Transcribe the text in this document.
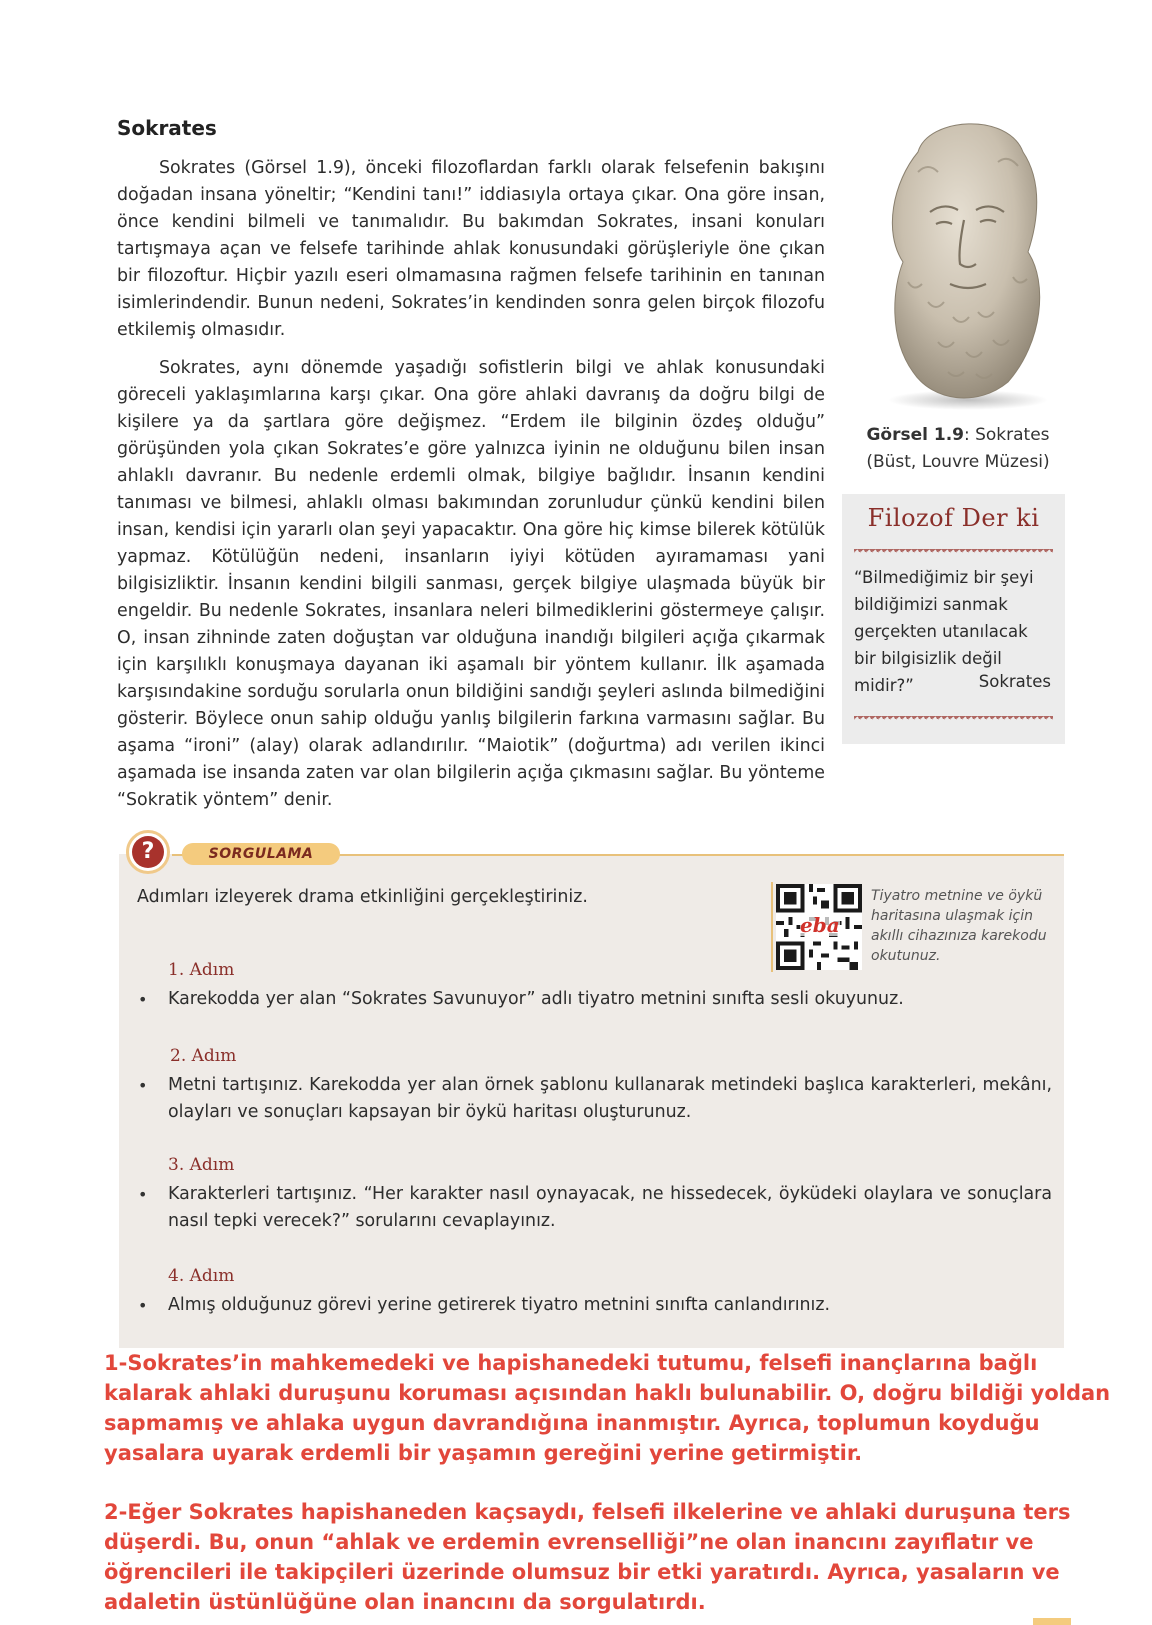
Sokrates

Sokrates (Görsel 1.9), önceki filozoflardan farklı olarak felsefenin bakışını doğadan insana yöneltir; “Kendini tanı!” iddiasıyla ortaya çıkar. Ona göre insan, önce kendini bilmeli ve tanımalıdır. Bu bakımdan Sokrates, insani konuları tartışmaya açan ve felsefe tarihinde ahlak konusundaki görüşleriyle öne çıkan bir filozoftur. Hiçbir yazılı eseri olmamasına rağmen felsefe tarihinin en tanınan isimlerindendir. Bunun nedeni, Sokrates’in kendinden sonra gelen birçok filozofu etkilemiş olmasıdır.

Sokrates, aynı dönemde yaşadığı sofistlerin bilgi ve ahlak konusundaki göreceli yaklaşımlarına karşı çıkar. Ona göre ahlaki davranış da doğru bilgi de kişilere ya da şartlara göre değişmez. “Erdem ile bilginin özdeş olduğu” görüşünden yola çıkan Sokrates’e göre yalnızca iyinin ne olduğunu bilen insan ahlaklı davranır. Bu nedenle erdemli olmak, bilgiye bağlıdır. İnsanın kendini tanıması ve bilmesi, ahlaklı olması bakımından zorunludur çünkü kendini bilen insan, kendisi için yararlı olan şeyi yapacaktır. Ona göre hiç kimse bilerek kötülük yapmaz. Kötülüğün nedeni, insanların iyiyi kötüden ayıramaması yani bilgisizliktir. İnsanın kendini bilgili sanması, gerçek bilgiye ulaşmada büyük bir engeldir. Bu nedenle Sokrates, insanlara neleri bilmediklerini göstermeye çalışır. O, insan zihninde zaten doğuştan var olduğuna inandığı bilgileri açığa çıkarmak için karşılıklı konuşmaya dayanan iki aşamalı bir yöntem kullanır. İlk aşamada karşısındakine sorduğu sorularla onun bildiğini sandığı şeyleri aslında bilmediğini gösterir. Böylece onun sahip olduğu yanlış bilgilerin farkına varmasını sağlar. Bu aşama “ironi” (alay) olarak adlandırılır. “Maiotik” (doğurtma) adı verilen ikinci aşamada ise insanda zaten var olan bilgilerin açığa çıkmasını sağlar. Bu yönteme “Sokratik yöntem” denir.

Görsel 1.9: Sokrates
(Büst, Louvre Müzesi)
Filozof Der ki
“Bilmediğimiz bir şeyi bildiğimizi sanmak gerçekten utanılacak bir bilgisizlik değil midir?”	Sokrates
?	SORGULAMA
Adımları izleyerek drama etkinliğini gerçekleştiriniz.
eba
Tiyatro metnine ve öykü haritasına ulaşmak için akıllı cihazınıza karekodu okutunuz.
1. Adım
• Karekodda yer alan “Sokrates Savunuyor” adlı tiyatro metnini sınıfta sesli okuyunuz.
2. Adım
• Metni tartışınız. Karekodda yer alan örnek şablonu kullanarak metindeki başlıca karakterleri, mekânı, olayları ve sonuçları kapsayan bir öykü haritası oluşturunuz.
3. Adım
• Karakterleri tartışınız. “Her karakter nasıl oynayacak, ne hissedecek, öyküdeki olaylara ve sonuçlara nasıl tepki verecek?” sorularını cevaplayınız.
4. Adım
• Almış olduğunuz görevi yerine getirerek tiyatro metnini sınıfta canlandırınız.
1-Sokrates’in mahkemedeki ve hapishanedeki tutumu, felsefi inançlarına bağlı kalarak ahlaki duruşunu koruması açısından haklı bulunabilir. O, doğru bildiği yoldan sapmamış ve ahlaka uygun davrandığına inanmıştır. Ayrıca, toplumun koyduğu yasalara uyarak erdemli bir yaşamın gereğini yerine getirmiştir.
2-Eğer Sokrates hapishaneden kaçsaydı, felsefi ilkelerine ve ahlaki duruşuna ters düşerdi. Bu, onun “ahlak ve erdemin evrenselliği”ne olan inancını zayıflatır ve öğrencileri ile takipçileri üzerinde olumsuz bir etki yaratırdı. Ayrıca, yasaların ve adaletin üstünlüğüne olan inancını da sorgulatırdı.
